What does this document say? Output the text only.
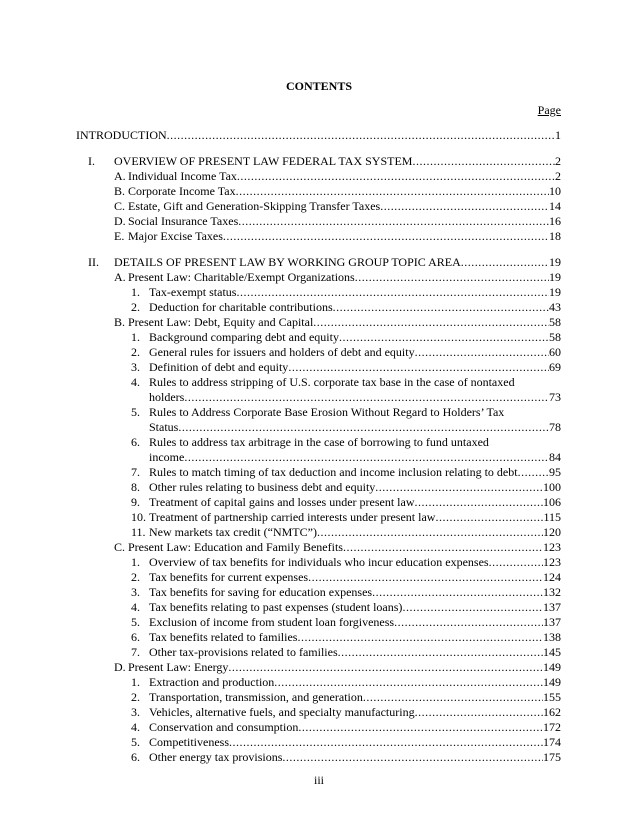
CONTENTS
Page
INTRODUCTION .....	1
I. OVERVIEW OF PRESENT LAW FEDERAL TAX SYSTEM .....	2
A. Individual Income Tax .....	2
B. Corporate Income Tax .....	10
C. Estate, Gift and Generation-Skipping Transfer Taxes .....	14
D. Social Insurance Taxes .....	16
E. Major Excise Taxes .....	18
II. DETAILS OF PRESENT LAW BY WORKING GROUP TOPIC AREA .....	19
A. Present Law: Charitable/Exempt Organizations .....	19
1. Tax-exempt status .....	19
2. Deduction for charitable contributions .....	43
B. Present Law: Debt, Equity and Capital .....	58
1. Background comparing debt and equity .....	58
2. General rules for issuers and holders of debt and equity .....	60
3. Definition of debt and equity .....	69
4. Rules to address stripping of U.S. corporate tax base in the case of nontaxed
holders .....	73
5. Rules to Address Corporate Base Erosion Without Regard to Holders’ Tax
Status .....	78
6. Rules to address tax arbitrage in the case of borrowing to fund untaxed
income .....	84
7. Rules to match timing of tax deduction and income inclusion relating to debt .....	95
8. Other rules relating to business debt and equity .....	100
9. Treatment of capital gains and losses under present law .....	106
10. Treatment of partnership carried interests under present law .....	115
11. New markets tax credit (“NMTC”) .....	120
C. Present Law: Education and Family Benefits .....	123
1. Overview of tax benefits for individuals who incur education expenses .....	123
2. Tax benefits for current expenses .....	124
3. Tax benefits for saving for education expenses .....	132
4. Tax benefits relating to past expenses (student loans) .....	137
5. Exclusion of income from student loan forgiveness .....	137
6. Tax benefits related to families .....	138
7. Other tax-provisions related to families .....	145
D. Present Law: Energy .....	149
1. Extraction and production .....	149
2. Transportation, transmission, and generation .....	155
3. Vehicles, alternative fuels, and specialty manufacturing .....	162
4. Conservation and consumption .....	172
5. Competitiveness .....	174
6. Other energy tax provisions .....	175
iii
